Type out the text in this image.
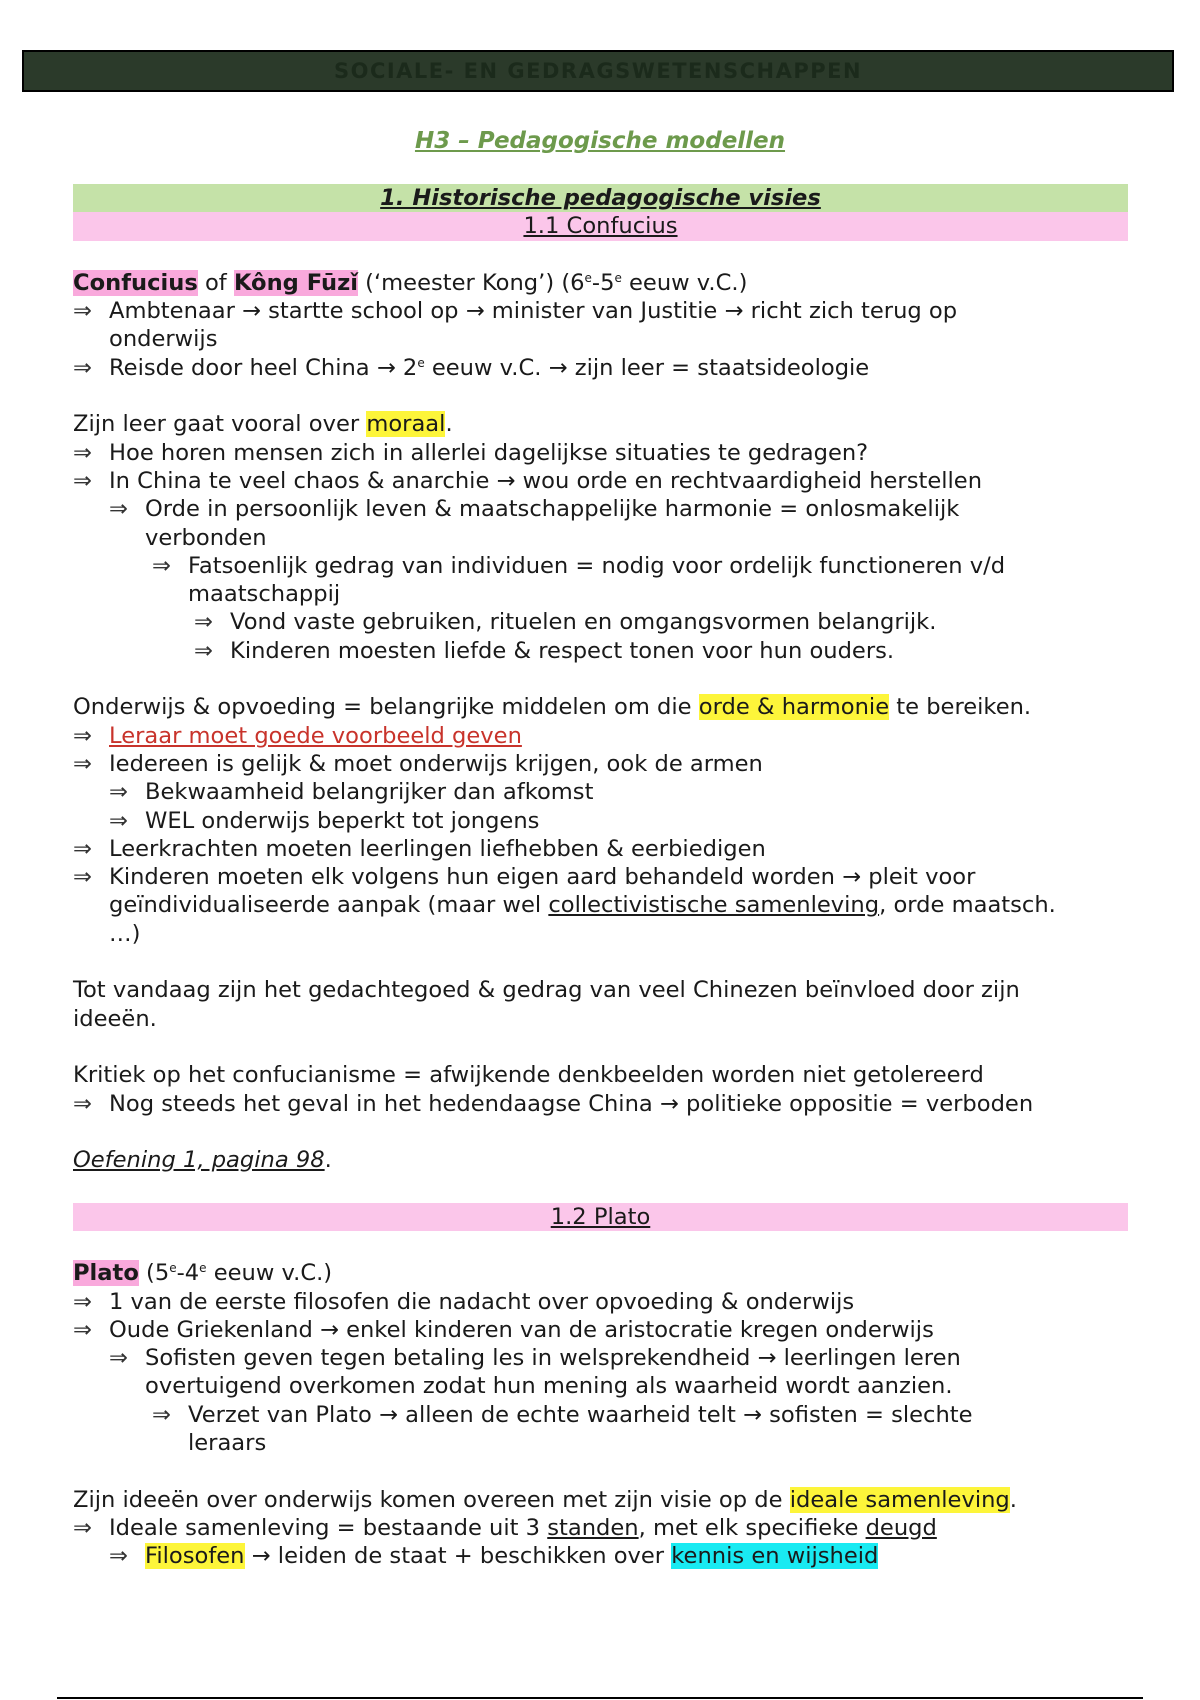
SOCIALE- EN GEDRAGSWETENSCHAPPEN
H3 – Pedagogische modellen
1. Historische pedagogische visies
1.1 Confucius
Confucius of Kông Fūzǐ (‘meester Kong’) (6e-5e eeuw v.C.)
⇒ Ambtenaar → startte school op → minister van Justitie → richt zich terug op
onderwijs
⇒ Reisde door heel China → $2^e$ eeuw v.C. → zijn leer = staatsideologie
Zijn leer gaat vooral over moraal.
⇒ Hoe horen mensen zich in allerlei dagelijkse situaties te gedragen?
⇒ In China te veel chaos & anarchie → wou orde en rechtvaardigheid herstellen
⇒ Orde in persoonlijk leven & maatschappelijke harmonie = onlosmakelijk
verbonden
⇒ Fatsoenlijk gedrag van individuen = nodig voor ordelijk functioneren v/d
maatschappij
⇒ Vond vaste gebruiken, rituelen en omgangsvormen belangrijk.
⇒ Kinderen moesten liefde & respect tonen voor hun ouders.
Onderwijs & opvoeding = belangrijke middelen om die orde & harmonie te bereiken.
⇒ Leraar moet goede voorbeeld geven
⇒ Iedereen is gelijk & moet onderwijs krijgen, ook de armen
⇒ Bekwaamheid belangrijker dan afkomst
⇒ WEL onderwijs beperkt tot jongens
⇒ Leerkrachten moeten leerlingen liefhebben & eerbiedigen
⇒ Kinderen moeten elk volgens hun eigen aard behandeld worden → pleit voor
geïndividualiseerde aanpak (maar wel collectivistische samenleving, orde maatsch.
…)
Tot vandaag zijn het gedachtegoed & gedrag van veel Chinezen beïnvloed door zijn
ideeën.
Kritiek op het confucianisme = afwijkende denkbeelden worden niet getolereerd
⇒ Nog steeds het geval in het hedendaagse China → politieke oppositie = verboden
Oefening 1, pagina 98.
1.2 Plato
Plato (5e-4e eeuw v.C.)
⇒ 1 van de eerste filosofen die nadacht over opvoeding & onderwijs
⇒ Oude Griekenland → enkel kinderen van de aristocratie kregen onderwijs
⇒ Sofisten geven tegen betaling les in welsprekendheid → leerlingen leren
overtuigend overkomen zodat hun mening als waarheid wordt aanzien.
⇒ Verzet van Plato → alleen de echte waarheid telt → sofisten = slechte
leraars
Zijn ideeën over onderwijs komen overeen met zijn visie op de ideale samenleving.
⇒ Ideale samenleving = bestaande uit 3 standen, met elk specifieke deugd
⇒ Filosofen → leiden de staat + beschikken over kennis en wijsheid
